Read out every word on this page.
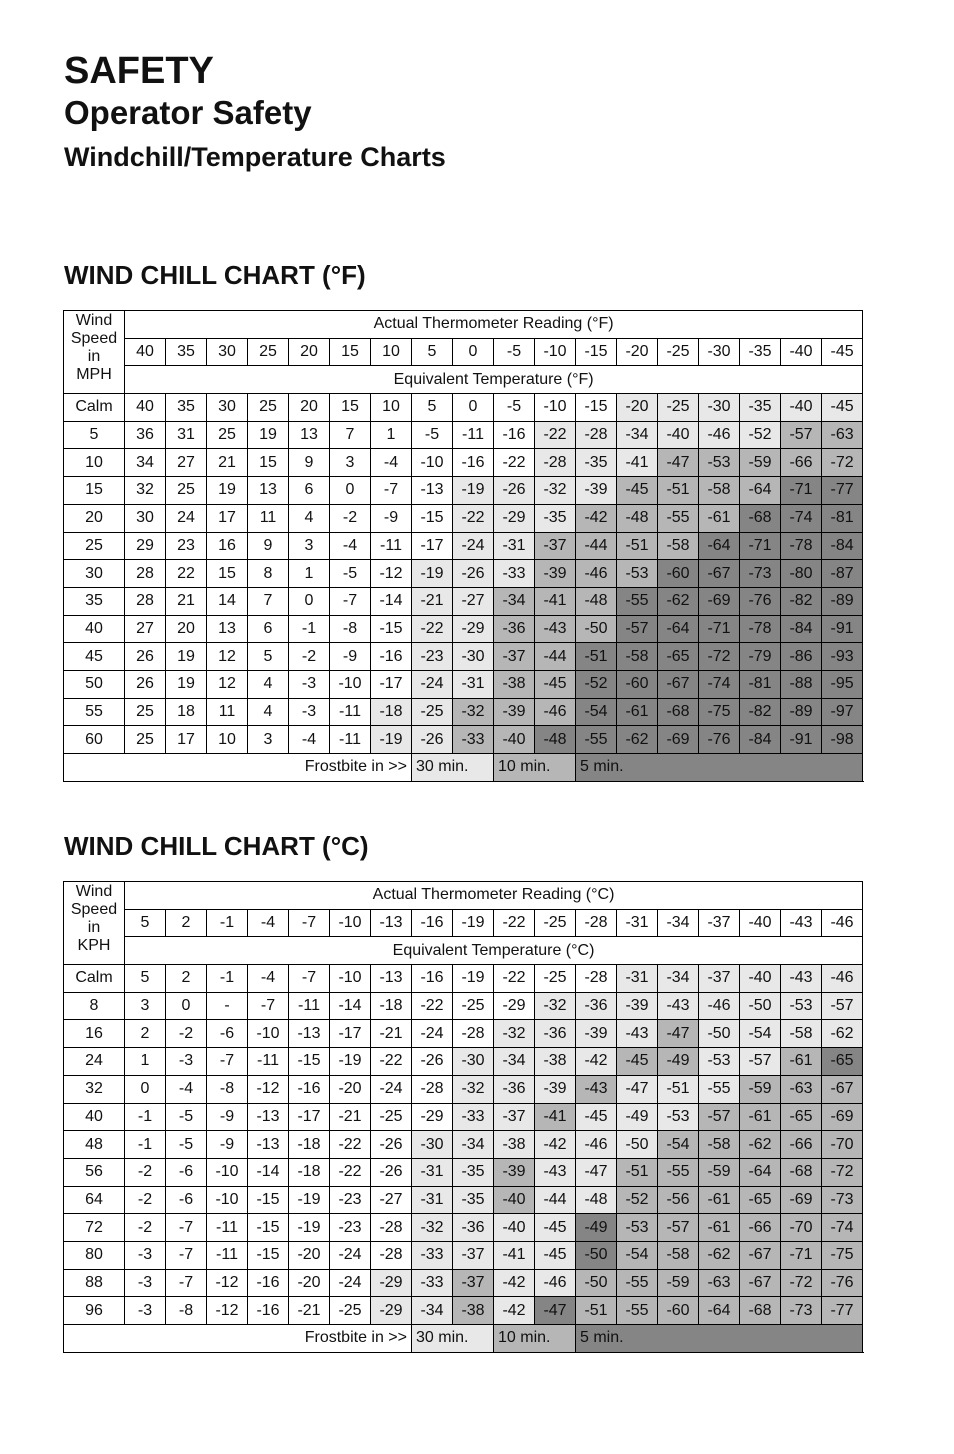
SAFETY
Operator Safety
Windchill/Temperature Charts
WIND CHILL CHART (°F)
Wind
Speed
in
MPH	Actual Thermometer Reading (°F)																	
	40	35	30	25	20	15	10	5	0	-5	-10	-15	-20	-25	-30	-35	-40	-45
	Equivalent Temperature (°F)																	
Calm	40	35	30	25	20	15	10	5	0	-5	-10	-15	-20	-25	-30	-35	-40	-45
5	36	31	25	19	13	7	1	-5	-11	-16	-22	-28	-34	-40	-46	-52	-57	-63
10	34	27	21	15	9	3	-4	-10	-16	-22	-28	-35	-41	-47	-53	-59	-66	-72
15	32	25	19	13	6	0	-7	-13	-19	-26	-32	-39	-45	-51	-58	-64	-71	-77
20	30	24	17	11	4	-2	-9	-15	-22	-29	-35	-42	-48	-55	-61	-68	-74	-81
25	29	23	16	9	3	-4	-11	-17	-24	-31	-37	-44	-51	-58	-64	-71	-78	-84
30	28	22	15	8	1	-5	-12	-19	-26	-33	-39	-46	-53	-60	-67	-73	-80	-87
35	28	21	14	7	0	-7	-14	-21	-27	-34	-41	-48	-55	-62	-69	-76	-82	-89
40	27	20	13	6	-1	-8	-15	-22	-29	-36	-43	-50	-57	-64	-71	-78	-84	-91
45	26	19	12	5	-2	-9	-16	-23	-30	-37	-44	-51	-58	-65	-72	-79	-86	-93
50	26	19	12	4	-3	-10	-17	-24	-31	-38	-45	-52	-60	-67	-74	-81	-88	-95
55	25	18	11	4	-3	-11	-18	-25	-32	-39	-46	-54	-61	-68	-75	-82	-89	-97
60	25	17	10	3	-4	-11	-19	-26	-33	-40	-48	-55	-62	-69	-76	-84	-91	-98
Frostbite in >>								30 min.		10 min.		5 min.						
WIND CHILL CHART (°C)
Wind
Speed
in
KPH	Actual Thermometer Reading (°C)																	
	5	2	-1	-4	-7	-10	-13	-16	-19	-22	-25	-28	-31	-34	-37	-40	-43	-46
	Equivalent Temperature (°C)																	
Calm	5	2	-1	-4	-7	-10	-13	-16	-19	-22	-25	-28	-31	-34	-37	-40	-43	-46
8	3	0	-	-7	-11	-14	-18	-22	-25	-29	-32	-36	-39	-43	-46	-50	-53	-57
16	2	-2	-6	-10	-13	-17	-21	-24	-28	-32	-36	-39	-43	-47	-50	-54	-58	-62
24	1	-3	-7	-11	-15	-19	-22	-26	-30	-34	-38	-42	-45	-49	-53	-57	-61	-65
32	0	-4	-8	-12	-16	-20	-24	-28	-32	-36	-39	-43	-47	-51	-55	-59	-63	-67
40	-1	-5	-9	-13	-17	-21	-25	-29	-33	-37	-41	-45	-49	-53	-57	-61	-65	-69
48	-1	-5	-9	-13	-18	-22	-26	-30	-34	-38	-42	-46	-50	-54	-58	-62	-66	-70
56	-2	-6	-10	-14	-18	-22	-26	-31	-35	-39	-43	-47	-51	-55	-59	-64	-68	-72
64	-2	-6	-10	-15	-19	-23	-27	-31	-35	-40	-44	-48	-52	-56	-61	-65	-69	-73
72	-2	-7	-11	-15	-19	-23	-28	-32	-36	-40	-45	-49	-53	-57	-61	-66	-70	-74
80	-3	-7	-11	-15	-20	-24	-28	-33	-37	-41	-45	-50	-54	-58	-62	-67	-71	-75
88	-3	-7	-12	-16	-20	-24	-29	-33	-37	-42	-46	-50	-55	-59	-63	-67	-72	-76
96	-3	-8	-12	-16	-21	-25	-29	-34	-38	-42	-47	-51	-55	-60	-64	-68	-73	-77
Frostbite in >>								30 min.		10 min.		5 min.						
